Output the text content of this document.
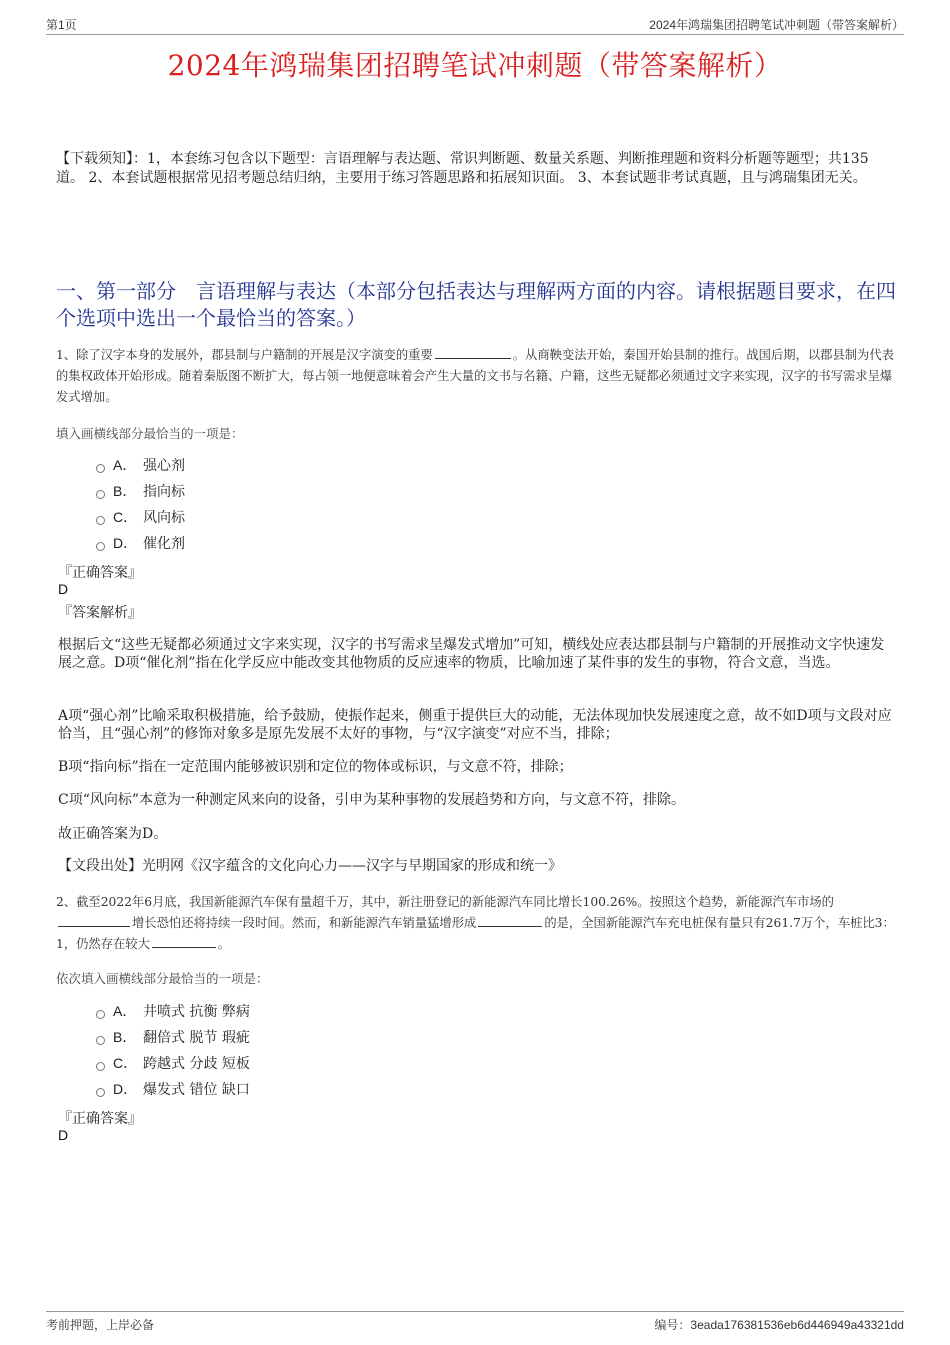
第1页	2024年鸿瑞集团招聘笔试冲刺题（带答案解析）
2024年鸿瑞集团招聘笔试冲刺题（带答案解析）
【下载须知】：1，本套练习包含以下题型：言语理解与表达题、常识判断题、数量关系题、判断推理题和资料分析题等题型；共135道。 2、本套试题根据常见招考题总结归纳，主要用于练习答题思路和拓展知识面。 3、本套试题非考试真题，且与鸿瑞集团无关。
一、第一部分　言语理解与表达（本部分包括表达与理解两方面的内容。请根据题目要求，在四个选项中选出一个最恰当的答案。）
1、除了汉字本身的发展外，郡县制与户籍制的开展是汉字演变的重要	。从商鞅变法开始，秦国开始县制的推行。战国后期，以郡县制为代表的集权政体开始形成。随着秦版图不断扩大，每占领一地便意味着会产生大量的文书与名籍、户籍，这些无疑都必须通过文字来实现，汉字的书写需求呈爆发式增加。
填入画横线部分最恰当的一项是：
A． 强心剂
B． 指向标
C． 风向标
D． 催化剂
『正确答案』
D
『答案解析』
根据后文“这些无疑都必须通过文字来实现，汉字的书写需求呈爆发式增加”可知，横线处应表达郡县制与户籍制的开展推动文字快速发展之意。D项“催化剂”指在化学反应中能改变其他物质的反应速率的物质，比喻加速了某件事的发生的事物，符合文意，当选。
A项“强心剂”比喻采取积极措施，给予鼓励，使振作起来，侧重于提供巨大的动能，无法体现加快发展速度之意，故不如D项与文段对应恰当，且“强心剂”的修饰对象多是原先发展不太好的事物，与“汉字演变”对应不当，排除；
B项“指向标”指在一定范围内能够被识别和定位的物体或标识，与文意不符，排除；
C项“风向标”本意为一种测定风来向的设备，引申为某种事物的发展趋势和方向，与文意不符，排除。
故正确答案为D。
【文段出处】光明网《汉字蕴含的文化向心力——汉字与早期国家的形成和统一》
2、截至2022年6月底，我国新能源汽车保有量超千万，其中，新注册登记的新能源汽车同比增长100.26%。按照这个趋势，新能源汽车市场的增长恐怕还将持续一段时间。然而，和新能源汽车销量猛增形成	的是，全国新能源汽车充电桩保有量只有261.7万个，车桩比3：1，仍然存在较大	。
依次填入画横线部分最恰当的一项是：
A． 井喷式 抗衡 弊病
B． 翻倍式 脱节 瑕疵
C． 跨越式 分歧 短板
D． 爆发式 错位 缺口
『正确答案』
D
考前押题，上岸必备	编号：3eada176381536eb6d446949a43321dd
